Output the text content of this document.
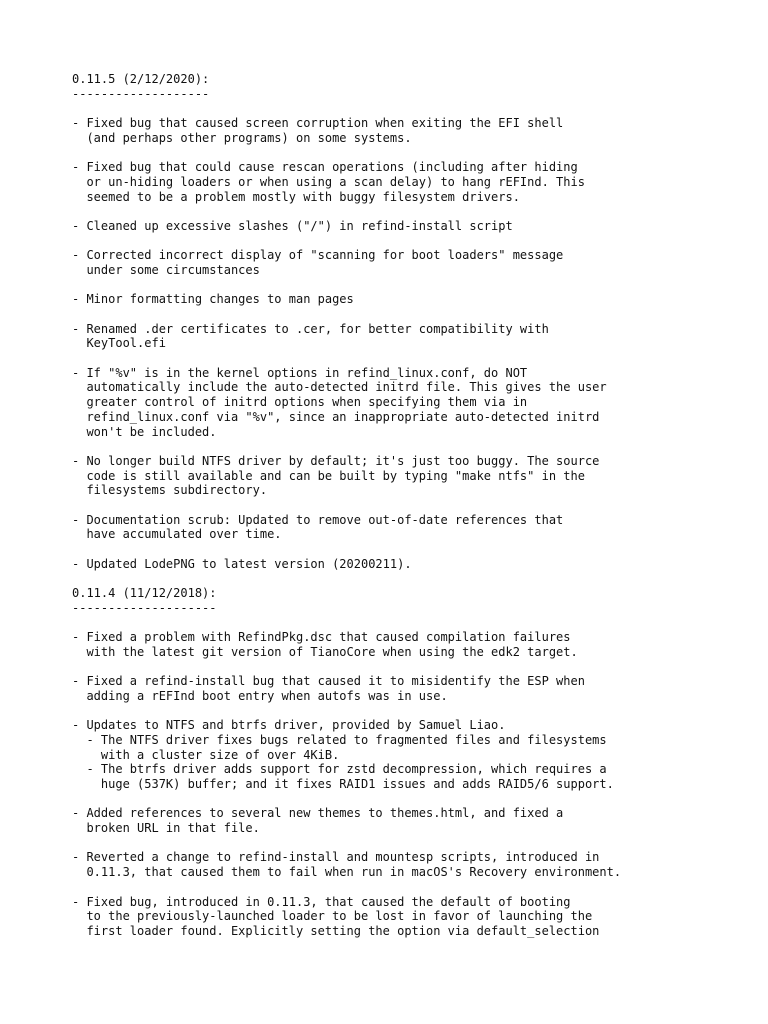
0.11.5 (2/12/2020):
-------------------
- Fixed bug that caused screen corruption when exiting the EFI shell
(and perhaps other programs) on some systems.
- Fixed bug that could cause rescan operations (including after hiding
or un-hiding loaders or when using a scan delay) to hang rEFInd. This
seemed to be a problem mostly with buggy filesystem drivers.
- Cleaned up excessive slashes ("/") in refind-install script
- Corrected incorrect display of "scanning for boot loaders" message
under some circumstances
- Minor formatting changes to man pages
- Renamed .der certificates to .cer, for better compatibility with
KeyTool.efi
- If "%v" is in the kernel options in refind_linux.conf, do NOT
automatically include the auto-detected initrd file. This gives the user
greater control of initrd options when specifying them via in
refind_linux.conf via "%v", since an inappropriate auto-detected initrd
won't be included.
- No longer build NTFS driver by default; it's just too buggy. The source
code is still available and can be built by typing "make ntfs" in the
filesystems subdirectory.
- Documentation scrub: Updated to remove out-of-date references that
have accumulated over time.
- Updated LodePNG to latest version (20200211).
0.11.4 (11/12/2018):
--------------------
- Fixed a problem with RefindPkg.dsc that caused compilation failures
with the latest git version of TianoCore when using the edk2 target.
- Fixed a refind-install bug that caused it to misidentify the ESP when
adding a rEFInd boot entry when autofs was in use.
- Updates to NTFS and btrfs driver, provided by Samuel Liao.
- The NTFS driver fixes bugs related to fragmented files and filesystems
with a cluster size of over 4KiB.
- The btrfs driver adds support for zstd decompression, which requires a
huge (537K) buffer; and it fixes RAID1 issues and adds RAID5/6 support.
- Added references to several new themes to themes.html, and fixed a
broken URL in that file.
- Reverted a change to refind-install and mountesp scripts, introduced in
0.11.3, that caused them to fail when run in macOS's Recovery environment.
- Fixed bug, introduced in 0.11.3, that caused the default of booting
to the previously-launched loader to be lost in favor of launching the
first loader found. Explicitly setting the option via default_selection
